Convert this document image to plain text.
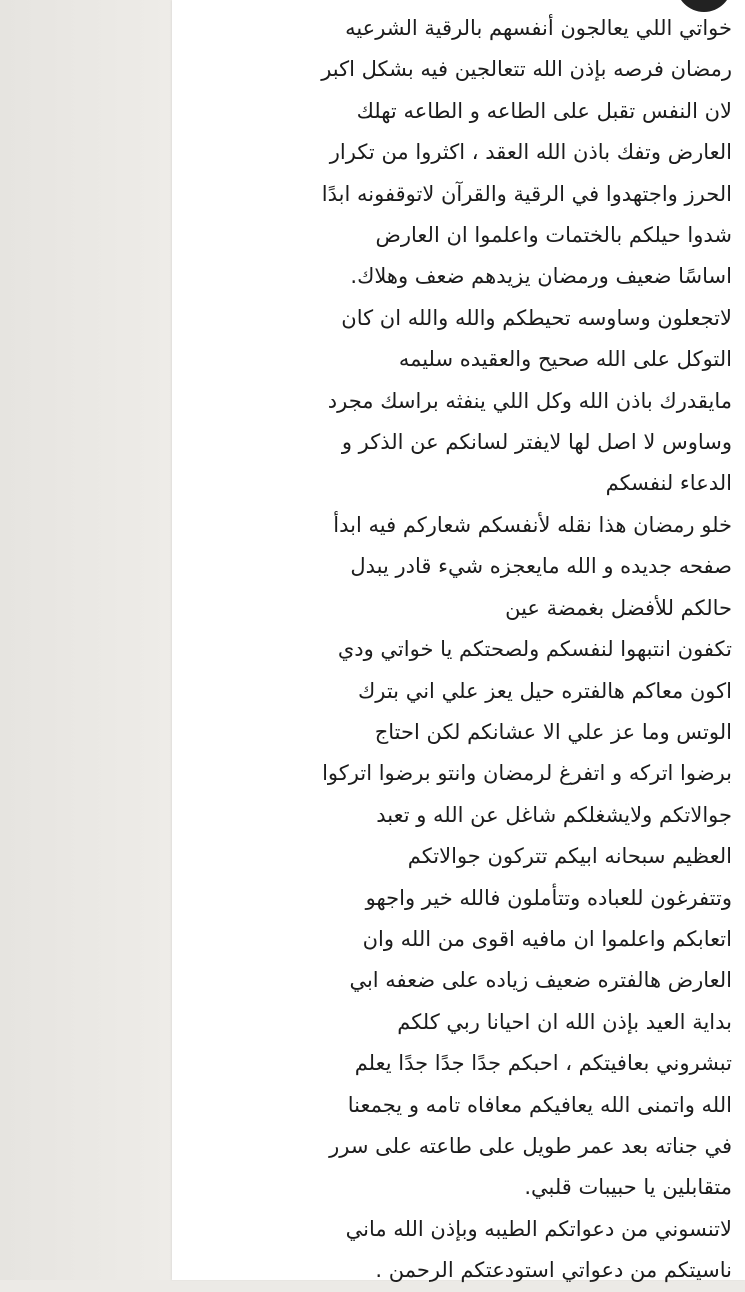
خواتي اللي يعالجون أنفسهم بالرقية الشرعيه
رمضان فرصه بإذن الله تتعالجين فيه بشكل اكبر
لان النفس تقبل على الطاعه و الطاعه تهلك
العارض وتفك باذن الله العقد ، اكثروا من تكرار
الحرز واجتهدوا في الرقية والقرآن لاتوقفونه ابدًا
شدوا حيلكم بالختمات واعلموا ان العارض
اساسًا ضعيف ورمضان يزيدهم ضعف وهلاك.
لاتجعلون وساوسه تحيطكم والله والله ان كان
التوكل على الله صحيح والعقيده سليمه
مايقدرك باذن الله وكل اللي ينفثه براسك مجرد
وساوس لا اصل لها لايفتر لسانكم عن الذكر و
الدعاء لنفسكم
خلو رمضان هذا نقله لأنفسكم شعاركم فيه ابدأ
صفحه جديده و الله مايعجزه شيء قادر يبدل
حالكم للأفضل بغمضة عين
تكفون انتبهوا لنفسكم ولصحتكم يا خواتي ودي
اكون معاكم هالفتره حيل يعز علي اني بترك
الوتس وما عز علي الا عشانكم لكن احتاج
برضوا اتركه و اتفرغ لرمضان وانتو برضوا اتركوا
جوالاتكم ولايشغلكم شاغل عن الله و تعبد
العظيم سبحانه ابيكم تتركون جوالاتكم
وتتفرغون للعباده وتتأملون فالله خير واجهو
اتعابكم واعلموا ان مافيه اقوى من الله وان
العارض هالفتره ضعيف زياده على ضعفه ابي
بداية العيد بإذن الله ان احيانا ربي كلكم
تبشروني بعافيتكم ، احبكم جدًا جدًا جدًا يعلم
الله واتمنى الله يعافيكم معافاه تامه و يجمعنا
في جناته بعد عمر طويل على طاعته على سرر
متقابلين يا حبيبات قلبي.
لاتنسوني من دعواتكم الطيبه وبإذن الله ماني
ناسيتكم من دعواتي استودعتكم الرحمن .
